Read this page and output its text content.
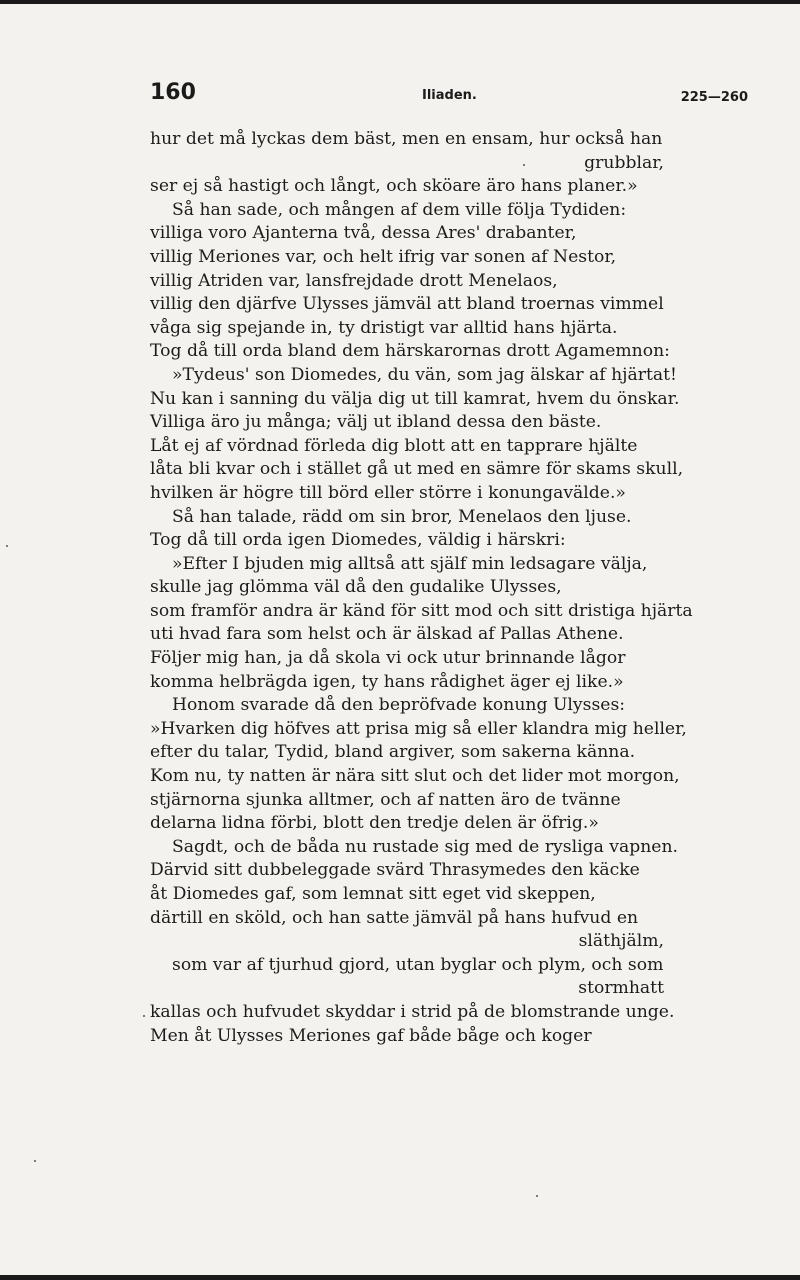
160	Iliaden.	225—260
hur det må lyckas dem bäst, men en ensam, hur också han
grubblar,
ser ej så hastigt och långt, och sköare äro hans planer.»
Så han sade, och mången af dem ville följa Tydiden:
villiga voro Ajanterna två, dessa Ares' drabanter,
villig Meriones var, och helt ifrig var sonen af Nestor,
villig Atriden var, lansfrejdade drott Menelaos,
villig den djärfve Ulysses jämväl att bland troernas vimmel
våga sig spejande in, ty dristigt var alltid hans hjärta.
Tog då till orda bland dem härskarornas drott Agamemnon:
»Tydeus' son Diomedes, du vän, som jag älskar af hjärtat!
Nu kan i sanning du välja dig ut till kamrat, hvem du önskar.
Villiga äro ju många; välj ut ibland dessa den bäste.
Låt ej af vördnad förleda dig blott att en tapprare hjälte
låta bli kvar och i stället gå ut med en sämre för skams skull,
hvilken är högre till börd eller större i konungavälde.»
Så han talade, rädd om sin bror, Menelaos den ljuse.
Tog då till orda igen Diomedes, väldig i härskri:
»Efter I bjuden mig alltså att själf min ledsagare välja,
skulle jag glömma väl då den gudalike Ulysses,
som framför andra är känd för sitt mod och sitt dristiga hjärta
uti hvad fara som helst och är älskad af Pallas Athene.
Följer mig han, ja då skola vi ock utur brinnande lågor
komma helbrägda igen, ty hans rådighet äger ej like.»
Honom svarade då den bepröfvade konung Ulysses:
»Hvarken dig höfves att prisa mig så eller klandra mig heller,
efter du talar, Tydid, bland argiver, som sakerna känna.
Kom nu, ty natten är nära sitt slut och det lider mot morgon,
stjärnorna sjunka alltmer, och af natten äro de tvänne
delarna lidna förbi, blott den tredje delen är öfrig.»
Sagdt, och de båda nu rustade sig med de rysliga vapnen.
Därvid sitt dubbeleggade svärd Thrasymedes den käcke
åt Diomedes gaf, som lemnat sitt eget vid skeppen,
därtill en sköld, och han satte jämväl på hans hufvud en
släthjälm,
som var af tjurhud gjord, utan byglar och plym, och som
stormhatt
kallas och hufvudet skyddar i strid på de blomstrande unge.
Men åt Ulysses Meriones gaf både båge och koger
